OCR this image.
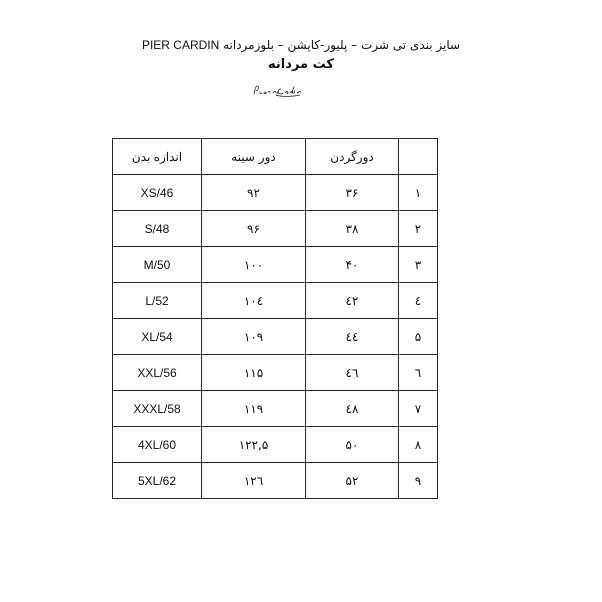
سایز بندی تی شرت – پلیور-کاپشن – بلوزمردانه PIER CARDIN
کت مردانه
	دورگردن	دور سینه	اندازه بدن
۱	۳۶	۹۲	XS/46
۲	۳۸	۹۶	S/48
۳	۴۰	۱۰۰	M/50
٤	٤۲	۱۰٤	L/52
۵	٤٤	۱۰۹	XL/54
٦	٤٦	۱۱۵	XXL/56
۷	٤۸	۱۱۹	XXXL/58
۸	۵۰	۱۲۲,۵	4XL/60
۹	۵۲	۱۲٦	5XL/62
